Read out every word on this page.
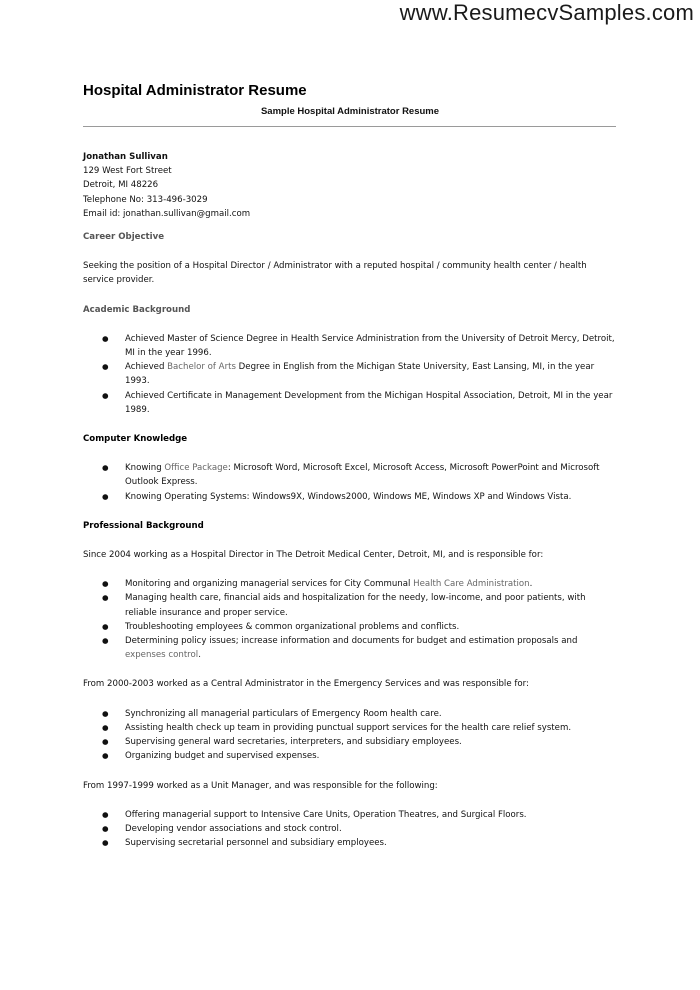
www.ResumecvSamples.com
Hospital Administrator Resume
Sample Hospital Administrator Resume

Jonathan Sullivan

129 West Fort Street

Detroit, MI 48226

Telephone No: 313-496-3029

Email id: jonathan.sullivan@gmail.com

Career Objective

Seeking the position of a Hospital Director / Administrator with a reputed hospital / community health center / health service provider.

Academic Background

● Achieved Master of Science Degree in Health Service Administration from the University of Detroit Mercy, Detroit, MI in the year 1996.
● Achieved Bachelor of Arts Degree in English from the Michigan State University, East Lansing, MI, in the year 1993.
● Achieved Certificate in Management Development from the Michigan Hospital Association, Detroit, MI in the year 1989.

Computer Knowledge

● Knowing Office Package: Microsoft Word, Microsoft Excel, Microsoft Access, Microsoft PowerPoint and Microsoft Outlook Express.
● Knowing Operating Systems: Windows9X, Windows2000, Windows ME, Windows XP and Windows Vista.

Professional Background

Since 2004 working as a Hospital Director in The Detroit Medical Center, Detroit, MI, and is responsible for:

● Monitoring and organizing managerial services for City Communal Health Care Administration.
● Managing health care, financial aids and hospitalization for the needy, low-income, and poor patients, with reliable insurance and proper service.
● Troubleshooting employees & common organizational problems and conflicts.
● Determining policy issues; increase information and documents for budget and estimation proposals and expenses control.

From 2000-2003 worked as a Central Administrator in the Emergency Services and was responsible for:

● Synchronizing all managerial particulars of Emergency Room health care.
● Assisting health check up team in providing punctual support services for the health care relief system.
● Supervising general ward secretaries, interpreters, and subsidiary employees.
● Organizing budget and supervised expenses.

From 1997-1999 worked as a Unit Manager, and was responsible for the following:

● Offering managerial support to Intensive Care Units, Operation Theatres, and Surgical Floors.
● Developing vendor associations and stock control.
● Supervising secretarial personnel and subsidiary employees.
